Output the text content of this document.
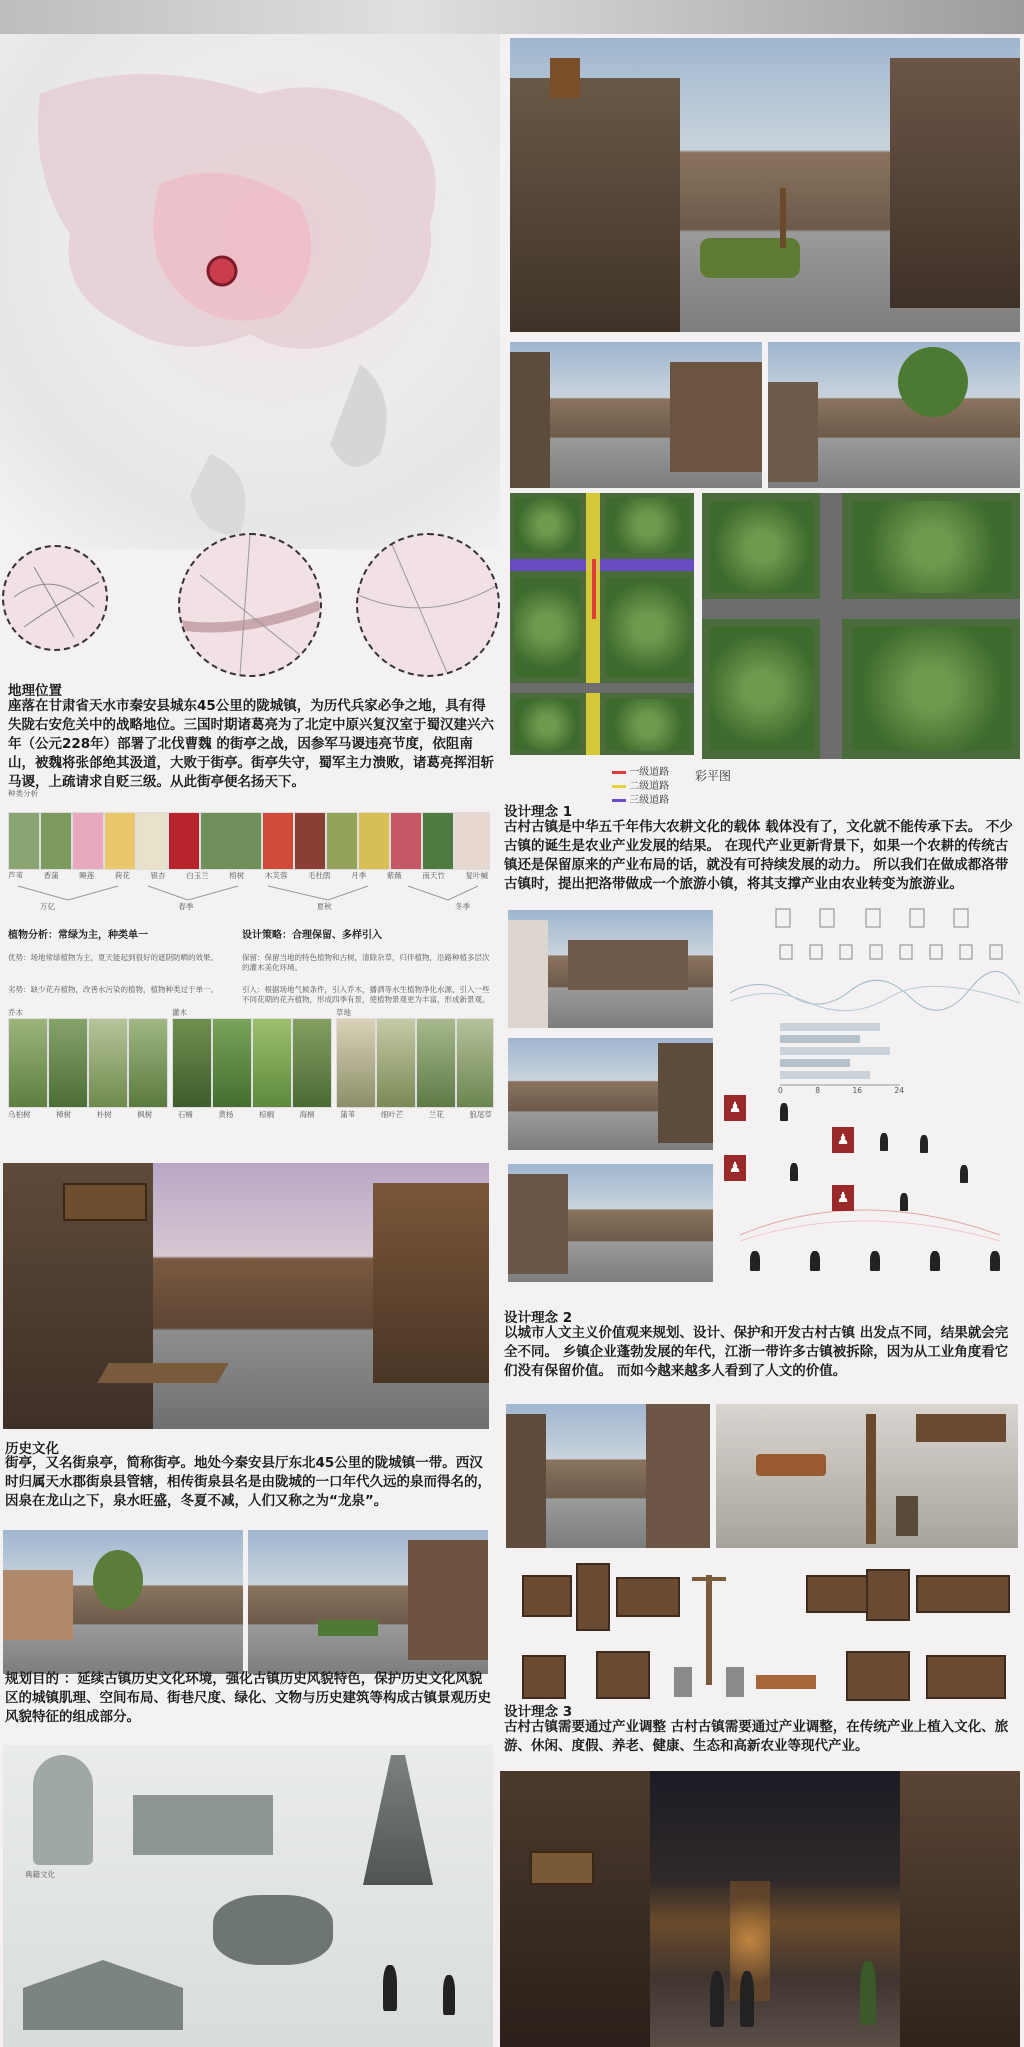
地理位置
座落在甘肃省天水市秦安县城东45公里的陇城镇，为历代兵家必争之地，具有得失陇右安危关中的战略地位。三国时期诸葛亮为了北定中原兴复汉室于蜀汉建兴六年（公元228年）部署了北伐曹魏 的街亭之战，因参军马谡违亮节度，依阻南山，被魏将张郃绝其汲道，大败于街亭。街亭失守，蜀军主力溃败，诸葛亮挥泪斩马谡，上疏请求自贬三级。从此街亭便名扬天下。
种类分析
芦苇	香蒲	睡莲	荷花	银杏	白玉兰	榕树	木芙蓉	毛杜鹃	月季	紫薇	南天竹	复叶槭
万亿	春季	夏秋	冬季
植物分析：常绿为主，种类单一	设计策略：合理保留、多样引入
优势：场地常绿植物为主，夏天能起到很好的遮阴防晒的效果。
劣势：缺少花卉植物，改善水污染的植物，植物种类过于单一。
保留：保留当地的特色植物和古树，清除杂草，归伴植物，沿路种植多层次的灌木美化环境。
引入：根据场地气候条件，引入乔木，播洒等水生植物净化水源，引入一些不同花期的花卉植物，形成四季有景，使植物景观更为丰富，形成新景观。
乔木	灌木	草地
乌桕树	樟树	朴树	枫树	石楠	黄杨	棕榈	海桐	蒲苇	细叶芒	兰花	狼尾草
历史文化
街亭，又名街泉亭，简称街亭。地处今秦安县厅东北45公里的陇城镇一带。西汉时归属天水郡街泉县管辖，相传街泉县名是由陇城的一口年代久远的泉而得名的，因泉在龙山之下，泉水旺盛，冬夏不减，人们又称之为“龙泉”。
规划目的 ：延续古镇历史文化环境，强化古镇历史风貌特色，保护历史文化风貌区的城镇肌理、空间布局、街巷尺度、绿化、文物与历史建筑等构成古镇景观历史风貌特征的组成部分。
典籍文化
一级道路
二级道路
三级道路
彩平图
设计理念 1
古村古镇是中华五千年伟大农耕文化的载体 载体没有了，文化就不能传承下去。 不少古镇的诞生是农业产业发展的结果。 在现代产业更新背景下，如果一个农耕的传统古镇还是保留原来的产业布局的话，就没有可持续发展的动力。 所以我们在做成都洛带古镇时，提出把洛带做成一个旅游小镇，将其支撑产业由农业转变为旅游业。
0	8	16	24
♟
♟
♟
♟
设计理念 2
以城市人文主义价值观来规划、设计、保护和开发古村古镇 出发点不同，结果就会完全不同。 乡镇企业蓬勃发展的年代，江浙一带许多古镇被拆除，因为从工业角度看它们没有保留价值。 而如今越来越多人看到了人文的价值。
设计理念 3
古村古镇需要通过产业调整 古村古镇需要通过产业调整，在传统产业上植入文化、旅游、休闲、度假、养老、健康、生态和高新农业等现代产业。
